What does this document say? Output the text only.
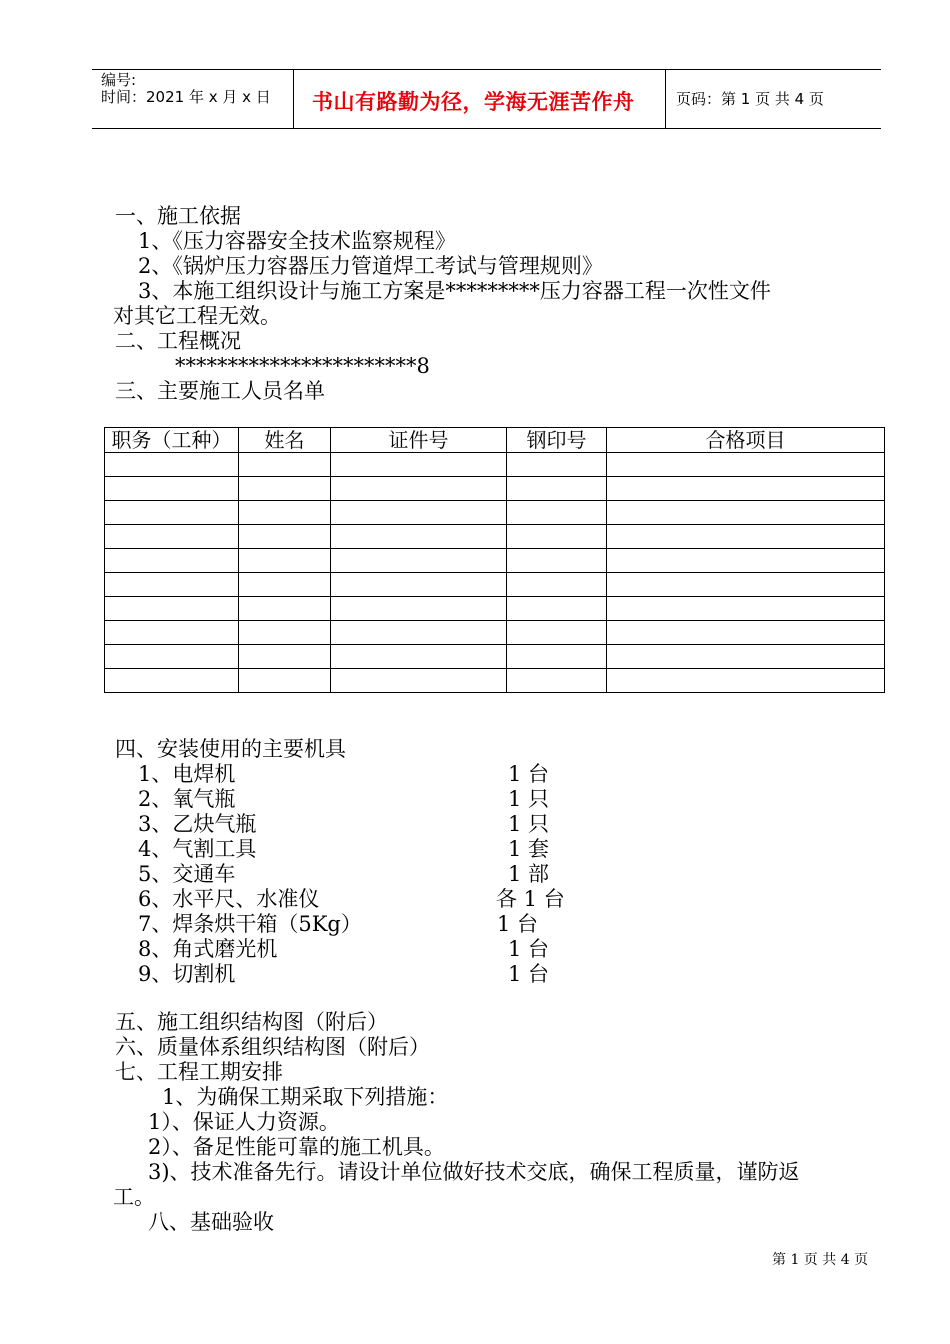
编号:
时间：2021 年 x 月 x 日 书山有路勤为径，学海无涯苦作舟	页码：第 1 页 共 4 页
一、施工依据
1、《压力容器安全技术监察规程》
2、《锅炉压力容器压力管道焊工考试与管理规则》
3、本施工组织设计与施工方案是*********压力容器工程一次性文件
对其它工程无效。
二、工程概况
***********************8
三、主要施工人员名单
职务（工种）	姓名	证件号	钢印号	合格项目

四、安装使用的主要机具
1、电焊机	1 台
2、氧气瓶	1 只
3、乙炔气瓶	1 只
4、气割工具	1 套
5、交通车	1 部
6、水平尺、水准仪	各 1 台
7、焊条烘干箱（5Kg）	1 台
8、角式磨光机	1 台
9、切割机	1 台
五、施工组织结构图（附后）
六、质量体系组织结构图（附后）
七、工程工期安排
1、为确保工期采取下列措施：
1）、保证人力资源。
2）、备足性能可靠的施工机具。
3)、技术准备先行。请设计单位做好技术交底，确保工程质量，谨防返
工。
八、基础验收
第 1 页 共 4 页
